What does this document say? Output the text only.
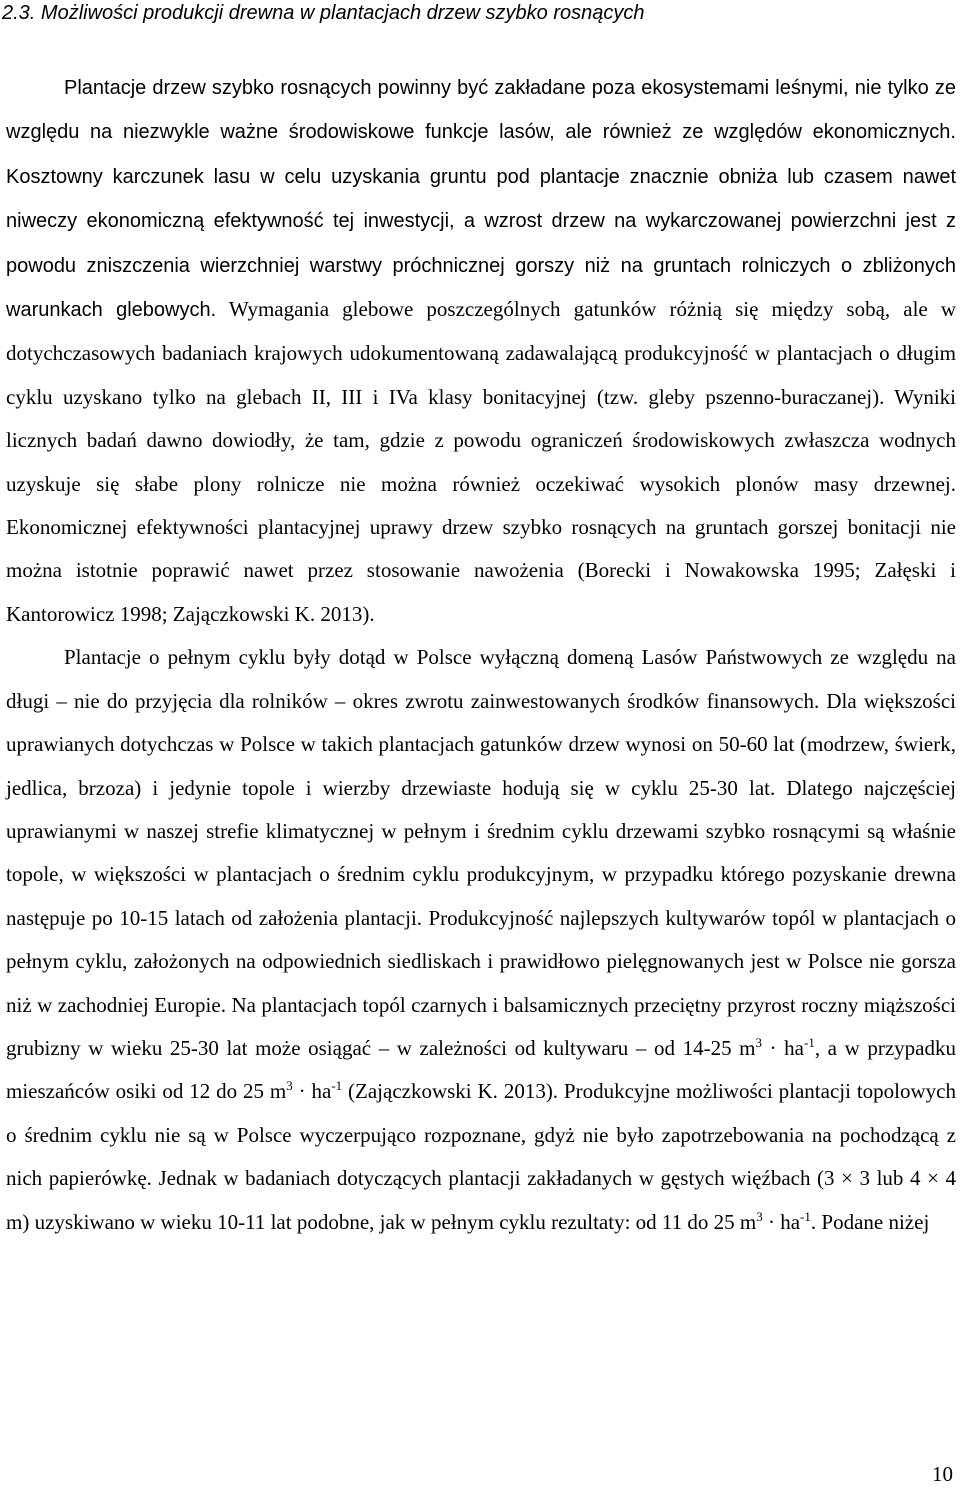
2.3. Możliwości produkcji drewna w plantacjach drzew szybko rosnących

Plantacje drzew szybko rosnących powinny być zakładane poza ekosystemami leśnymi, nie tylko ze względu na niezwykle ważne środowiskowe funkcje lasów, ale również ze względów ekonomicznych. Kosztowny karczunek lasu w celu uzyskania gruntu pod plantacje znacznie obniża lub czasem nawet niweczy ekonomiczną efektywność tej inwestycji, a wzrost drzew na wykarczowanej powierzchni jest z powodu zniszczenia wierzchniej warstwy próchnicznej gorszy niż na gruntach rolniczych o zbliżonych warunkach glebowych. Wymagania glebowe poszczególnych gatunków różnią się między sobą, ale w dotychczasowych badaniach krajowych udokumentowaną zadawalającą produkcyjność w plantacjach o długim cyklu uzyskano tylko na glebach II, III i IVa klasy bonitacyjnej (tzw. gleby pszenno-buraczanej). Wyniki licznych badań dawno dowiodły, że tam, gdzie z powodu ograniczeń środowiskowych zwłaszcza wodnych uzyskuje się słabe plony rolnicze nie można również oczekiwać wysokich plonów masy drzewnej. Ekonomicznej efektywności plantacyjnej uprawy drzew szybko rosnących na gruntach gorszej bonitacji nie można istotnie poprawić nawet przez stosowanie nawożenia (Borecki i Nowakowska 1995; Załęski i Kantorowicz 1998; Zajączkowski K. 2013).

Plantacje o pełnym cyklu były dotąd w Polsce wyłączną domeną Lasów Państwowych ze względu na długi – nie do przyjęcia dla rolników – okres zwrotu zainwestowanych środków finansowych. Dla większości uprawianych dotychczas w Polsce w takich plantacjach gatunków drzew wynosi on 50-60 lat (modrzew, świerk, jedlica, brzoza) i jedynie topole i wierzby drzewiaste hodują się w cyklu 25-30 lat. Dlatego najczęściej uprawianymi w naszej strefie klimatycznej w pełnym i średnim cyklu drzewami szybko rosnącymi są właśnie topole, w większości w plantacjach o średnim cyklu produkcyjnym, w przypadku którego pozyskanie drewna następuje po 10-15 latach od założenia plantacji. Produkcyjność najlepszych kultywarów topól w plantacjach o pełnym cyklu, założonych na odpowiednich siedliskach i prawidłowo pielęgnowanych jest w Polsce nie gorsza niż w zachodniej Europie. Na plantacjach topól czarnych i balsamicznych przeciętny przyrost roczny miąższości grubizny w wieku 25-30 lat może osiągać – w zależności od kultywaru – od 14-25 $m^3 \cdot ha^{-1}$, a w przypadku mieszańców osiki od 12 do 25 $m^3 \cdot ha^{-1}$ (Zajączkowski K. 2013). Produkcyjne możliwości plantacji topolowych o średnim cyklu nie są w Polsce wyczerpująco rozpoznane, gdyż nie było zapotrzebowania na pochodzącą z nich papierówkę. Jednak w badaniach dotyczących plantacji zakładanych w gęstych więźbach (3 × 3 lub 4 × 4 m) uzyskiwano w wieku 10-11 lat podobne, jak w pełnym cyklu rezultaty: od 11 do 25 $m^3 \cdot ha^{-1}$. Podane niżej

10
